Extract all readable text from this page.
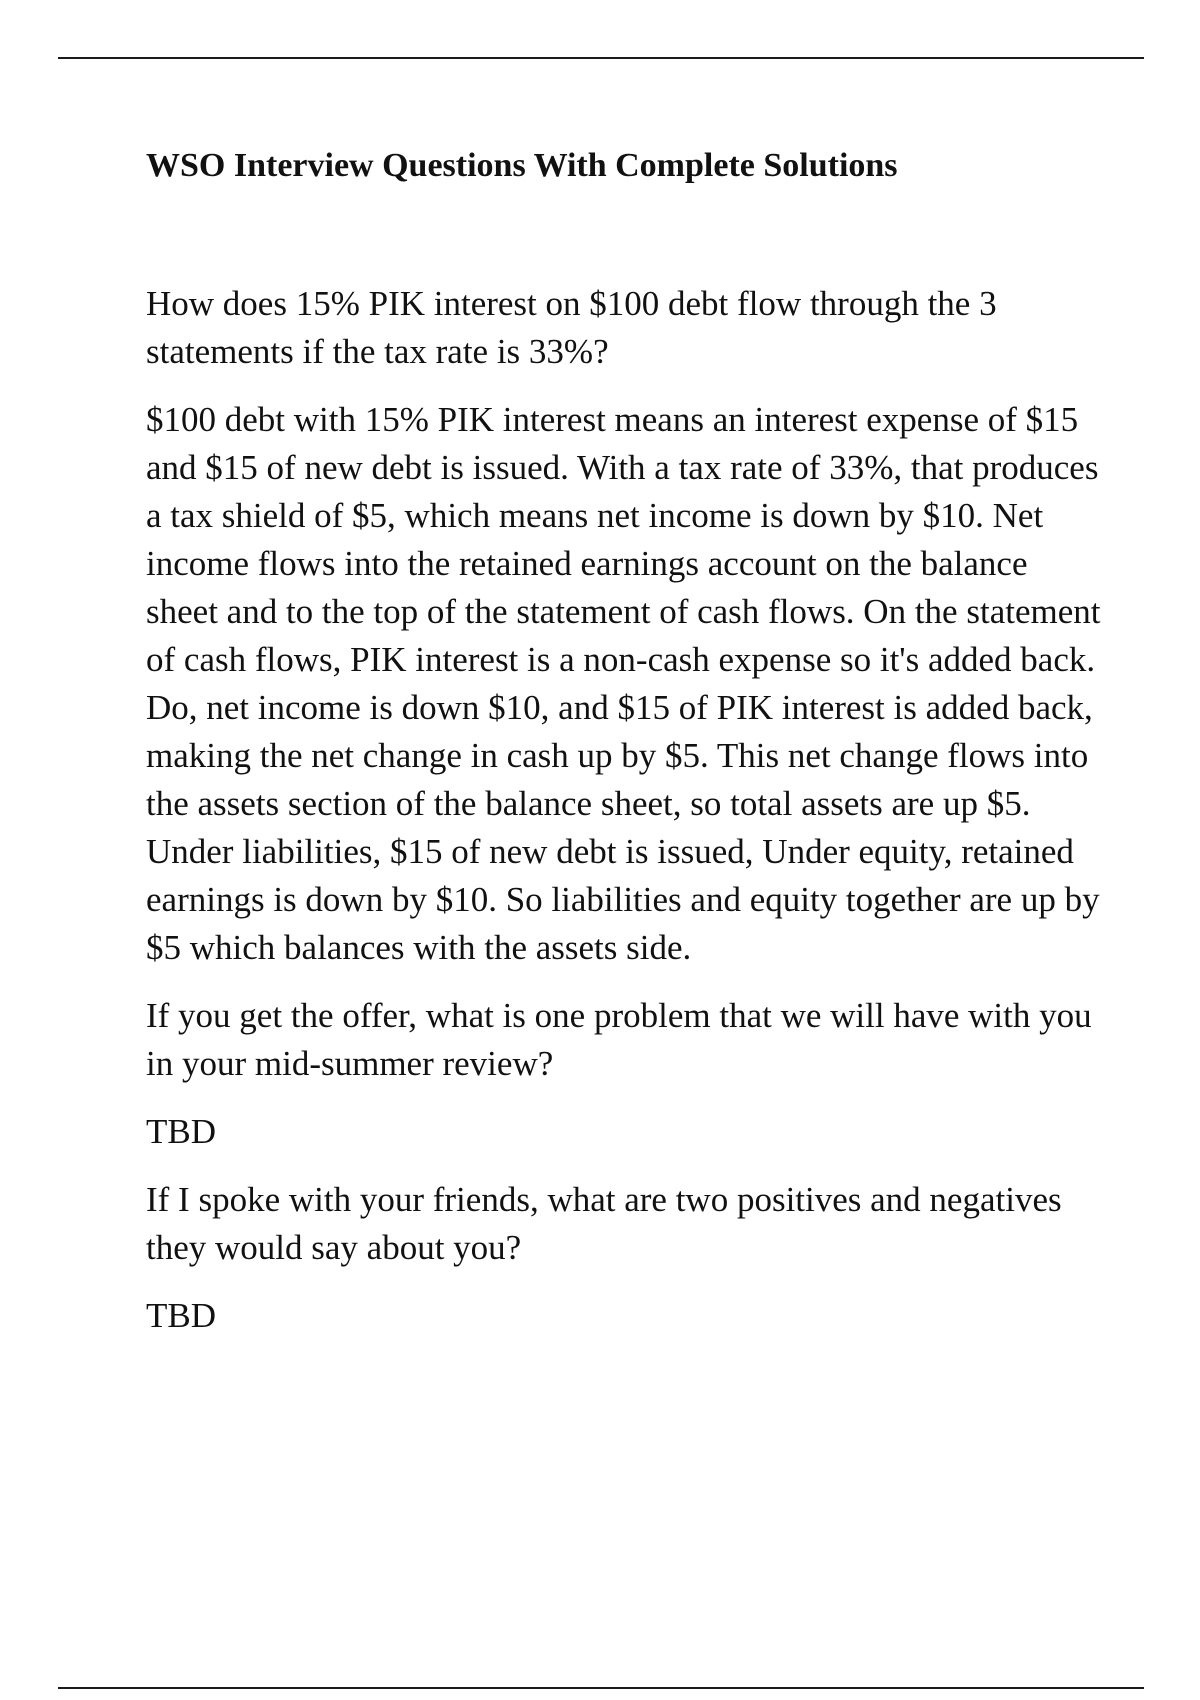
WSO Interview Questions With Complete Solutions

How does 15% PIK interest on $100 debt flow through the 3 statements if the tax rate is 33%?

$100 debt with 15% PIK interest means an interest expense of $15 and $15 of new debt is issued. With a tax rate of 33%, that produces a tax shield of $5, which means net income is down by $10. Net income flows into the retained earnings account on the balance sheet and to the top of the statement of cash flows. On the statement of cash flows, PIK interest is a non-cash expense so it's added back. Do, net income is down $10, and $15 of PIK interest is added back, making the net change in cash up by $5. This net change flows into the assets section of the balance sheet, so total assets are up $5. Under liabilities, $15 of new debt is issued, Under equity, retained earnings is down by $10. So liabilities and equity together are up by $5 which balances with the assets side.

If you get the offer, what is one problem that we will have with you in your mid-summer review?

TBD

If I spoke with your friends, what are two positives and negatives they would say about you?

TBD
